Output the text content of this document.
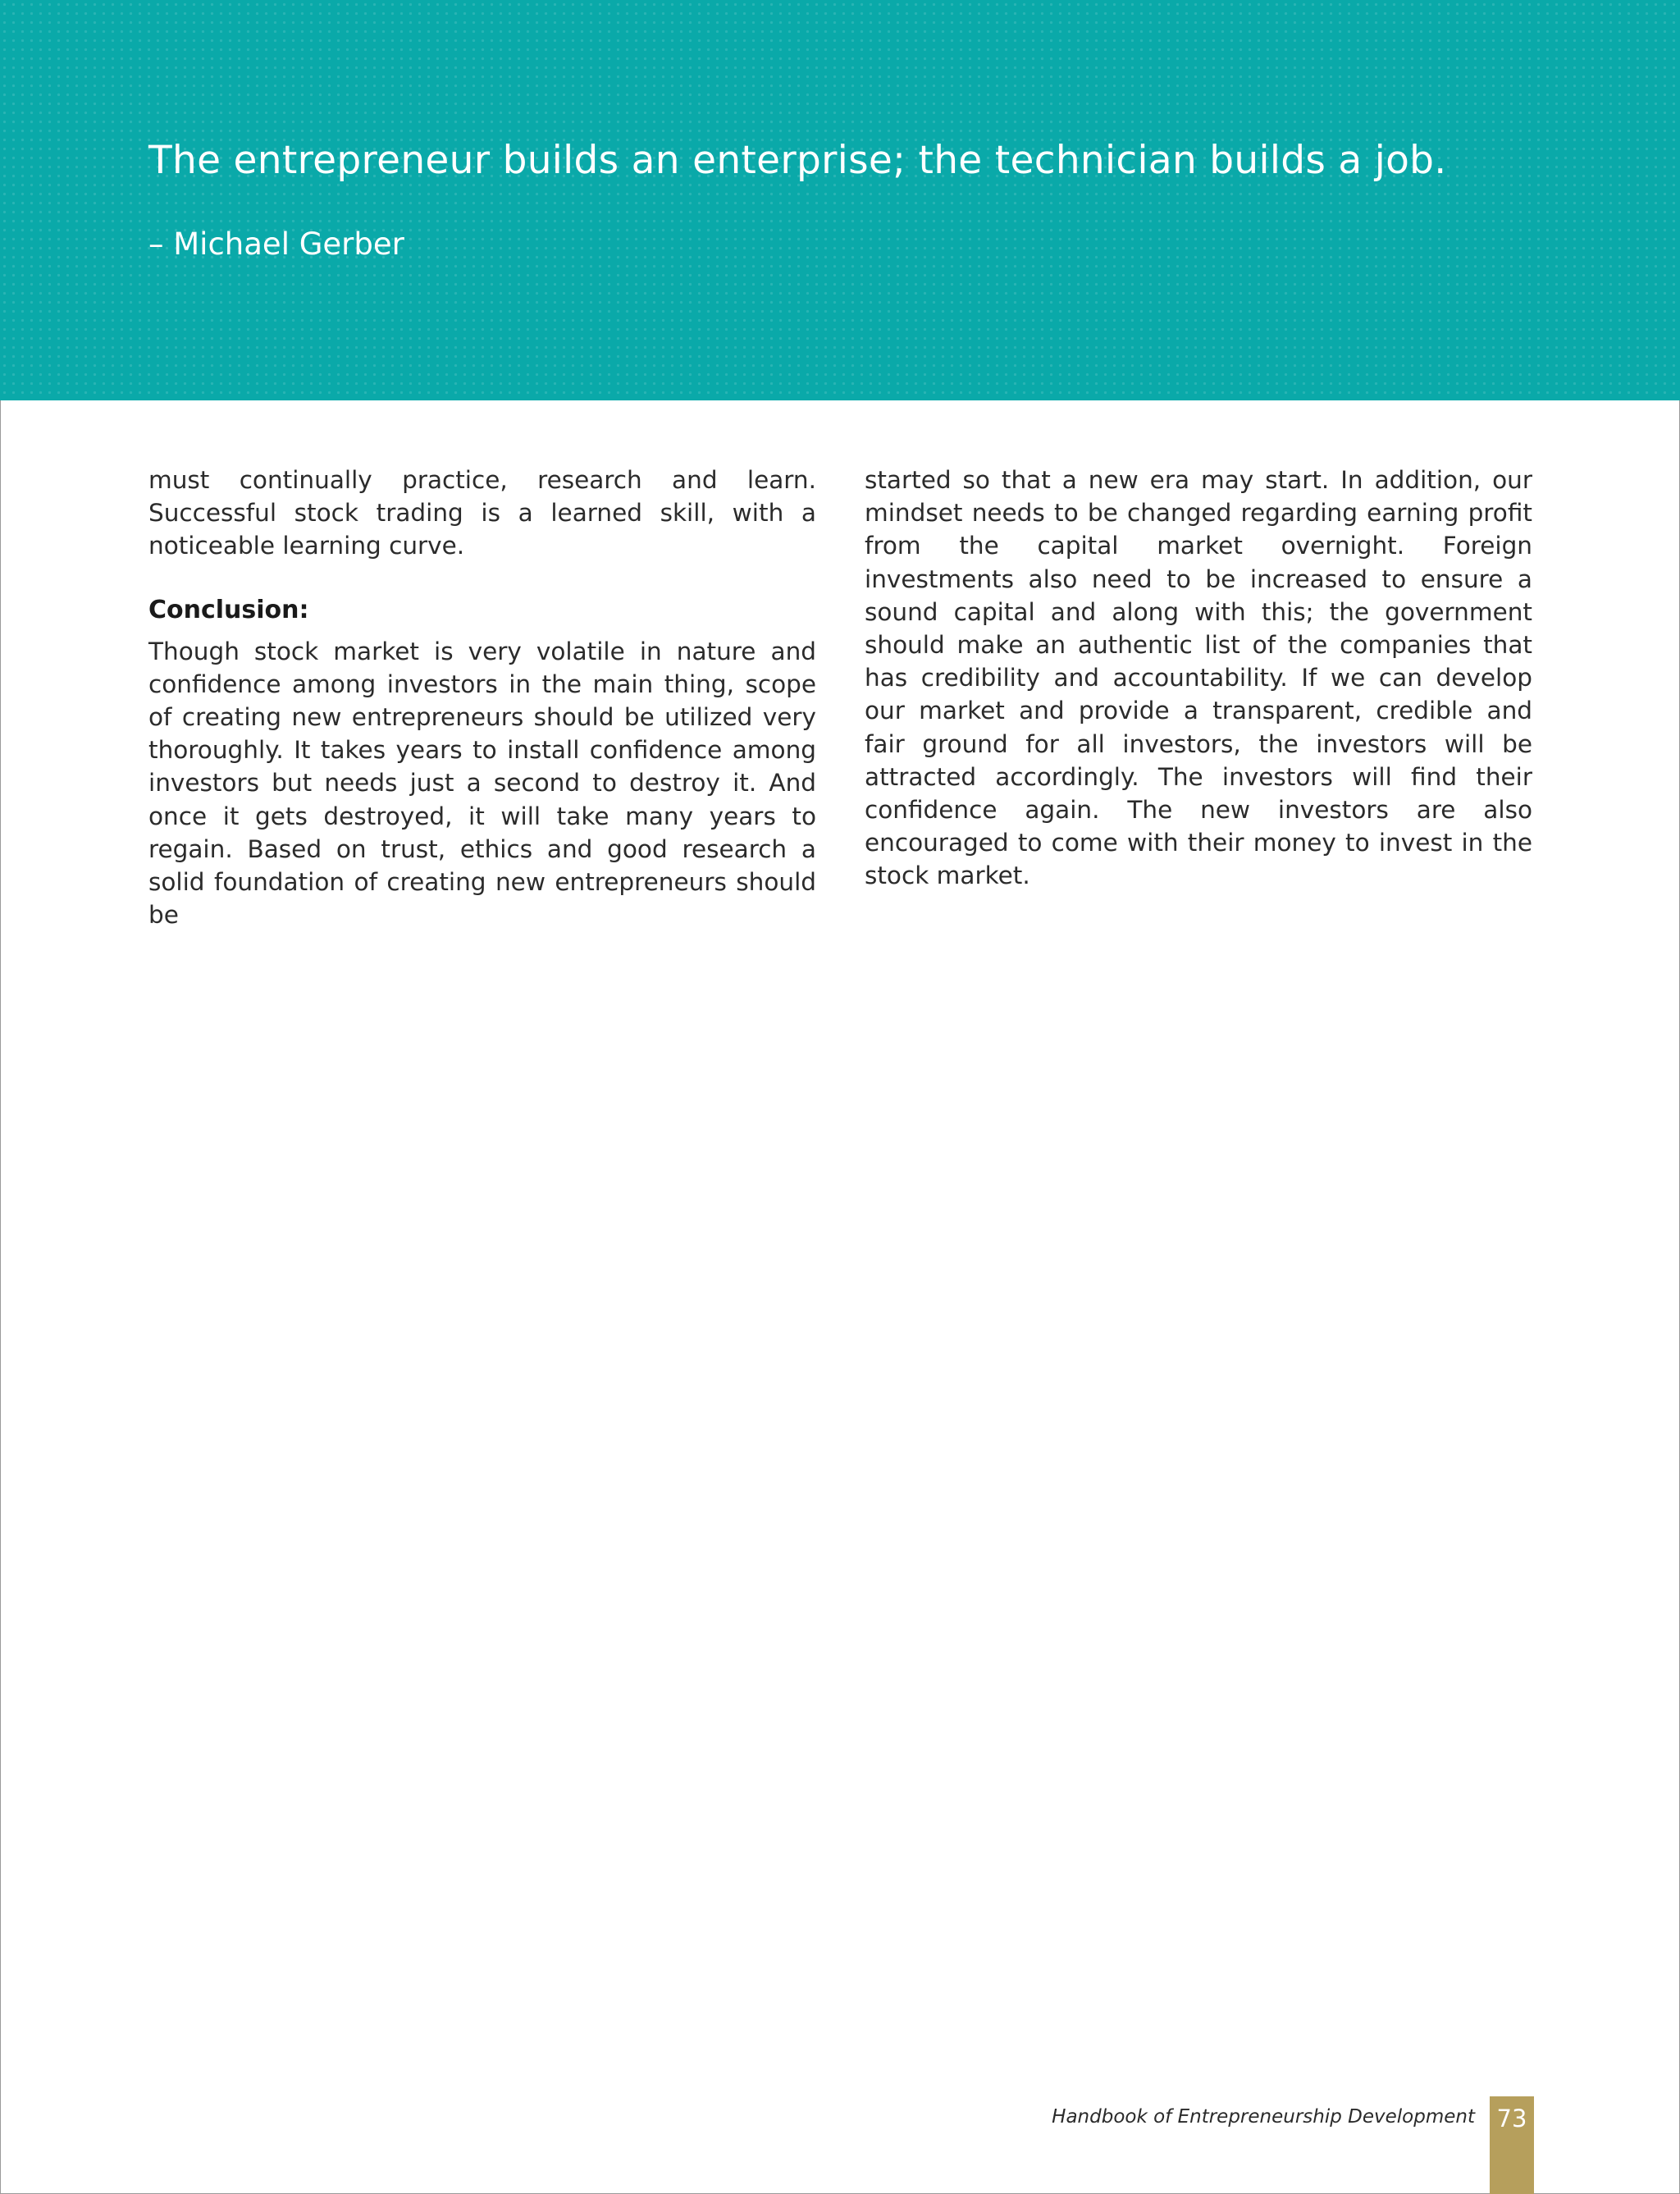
The entrepreneur builds an enterprise; the technician builds a job.

– Michael Gerber

must continually practice, research and learn. Successful stock trading is a learned skill, with a noticeable learning curve.

Conclusion:

Though stock market is very volatile in nature and confidence among investors in the main thing, scope of creating new entrepreneurs should be utilized very thoroughly. It takes years to install confidence among investors but needs just a second to destroy it. And once it gets destroyed, it will take many years to regain. Based on trust, ethics and good research a solid foundation of creating new entrepreneurs should be

started so that a new era may start. In addition, our mindset needs to be changed regarding earning profit from the capital market overnight. Foreign investments also need to be increased to ensure a sound capital and along with this; the government should make an authentic list of the companies that has credibility and accountability. If we can develop our market and provide a transparent, credible and fair ground for all investors, the investors will be attracted accordingly. The investors will find their confidence again. The new investors are also encouraged to come with their money to invest in the stock market.

Handbook of Entrepreneurship Development 73
